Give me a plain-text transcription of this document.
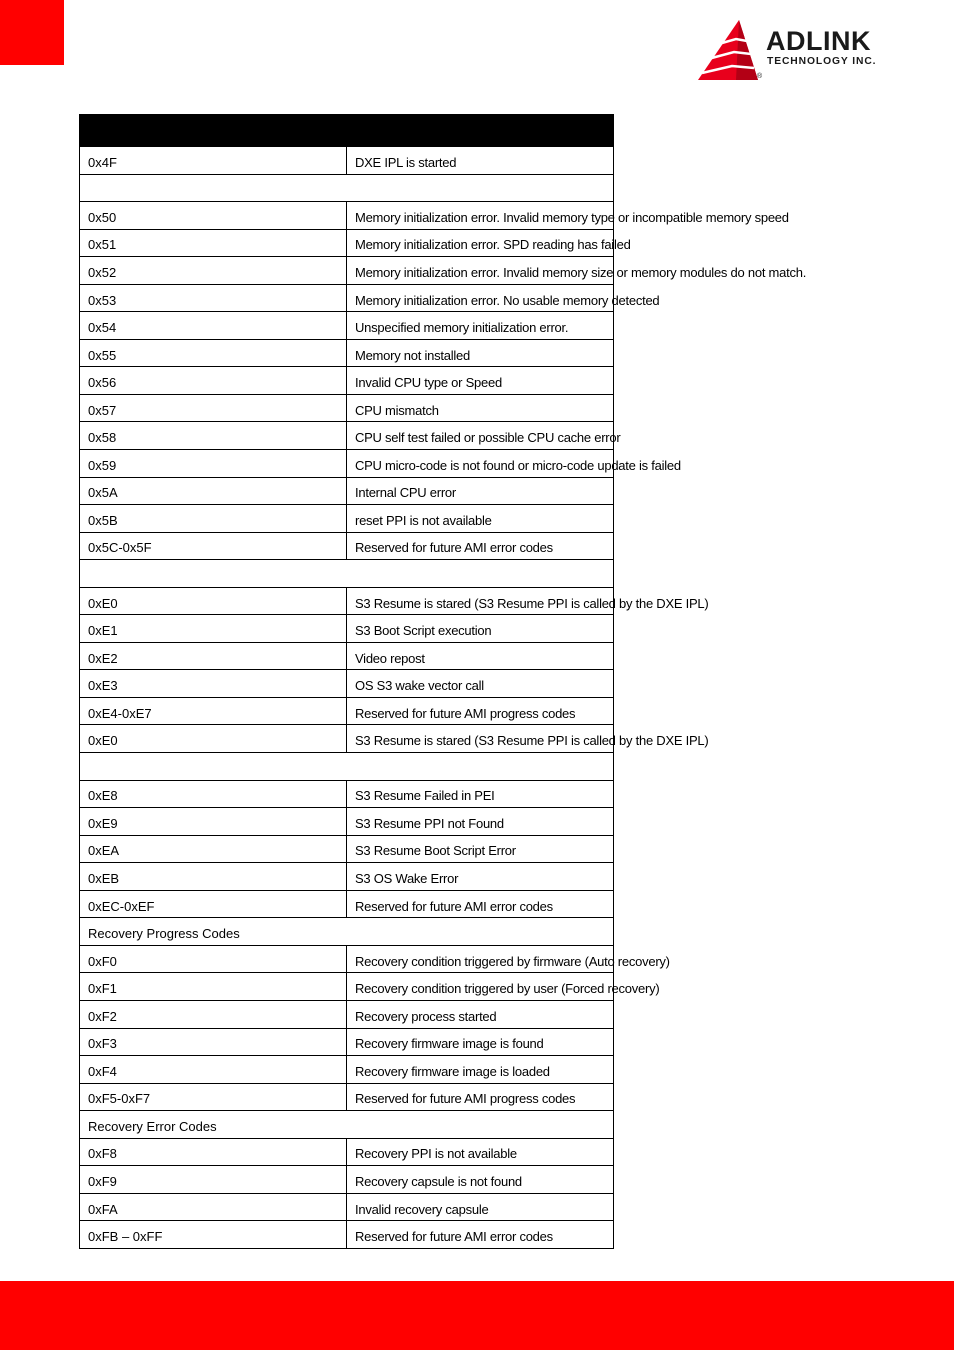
ADLINK
TECHNOLOGY INC.
®

0x4F	DXE IPL is started

0x50	Memory initialization error. Invalid memory type or incompatible memory speed
0x51	Memory initialization error. SPD reading has failed
0x52	Memory initialization error. Invalid memory size or memory modules do not match.
0x53	Memory initialization error. No usable memory detected
0x54	Unspecified memory initialization error.
0x55	Memory not installed
0x56	Invalid CPU type or Speed
0x57	CPU mismatch
0x58	CPU self test failed or possible CPU cache error
0x59	CPU micro-code is not found or micro-code update is failed
0x5A	Internal CPU error
0x5B	reset PPI is not available
0x5C-0x5F	Reserved for future AMI error codes

0xE0	S3 Resume is stared (S3 Resume PPI is called by the DXE IPL)
0xE1	S3 Boot Script execution
0xE2	Video repost
0xE3	OS S3 wake vector call
0xE4-0xE7	Reserved for future AMI progress codes
0xE0	S3 Resume is stared (S3 Resume PPI is called by the DXE IPL)

0xE8	S3 Resume Failed in PEI
0xE9	S3 Resume PPI not Found
0xEA	S3 Resume Boot Script Error
0xEB	S3 OS Wake Error
0xEC-0xEF	Reserved for future AMI error codes
Recovery Progress Codes	
0xF0	Recovery condition triggered by firmware (Auto recovery)
0xF1	Recovery condition triggered by user (Forced recovery)
0xF2	Recovery process started
0xF3	Recovery firmware image is found
0xF4	Recovery firmware image is loaded
0xF5-0xF7	Reserved for future AMI progress codes
Recovery Error Codes	
0xF8	Recovery PPI is not available
0xF9	Recovery capsule is not found
0xFA	Invalid recovery capsule
0xFB – 0xFF	Reserved for future AMI error codes
